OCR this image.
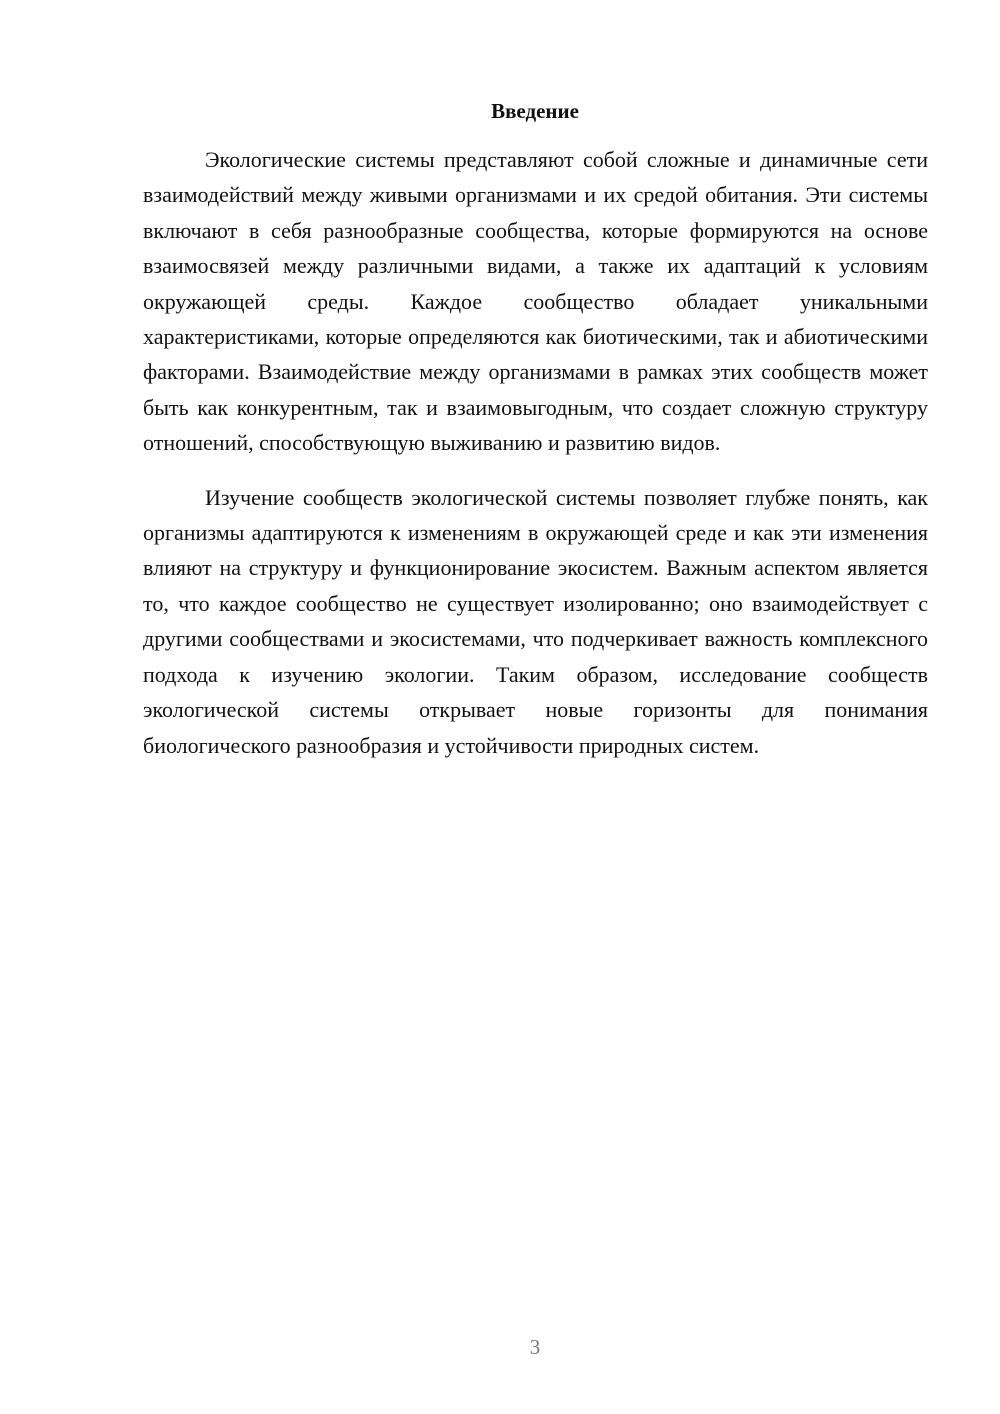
Введение

Экологические системы представляют собой сложные и динамичные сети взаимодействий между живыми организмами и их средой обитания. Эти системы включают в себя разнообразные сообщества, которые формируются на основе взаимосвязей между различными видами, а также их адаптаций к условиям окружающей среды. Каждое сообщество обладает уникальными характеристиками, которые определяются как биотическими, так и абиотическими факторами. Взаимодействие между организмами в рамках этих сообществ может быть как конкурентным, так и взаимовыгодным, что создает сложную структуру отношений, способствующую выживанию и развитию видов.

Изучение сообществ экологической системы позволяет глубже понять, как организмы адаптируются к изменениям в окружающей среде и как эти изменения влияют на структуру и функционирование экосистем. Важным аспектом является то, что каждое сообщество не существует изолированно; оно взаимодействует с другими сообществами и экосистемами, что подчеркивает важность комплексного подхода к изучению экологии. Таким образом, исследование сообществ экологической системы открывает новые горизонты для понимания биологического разнообразия и устойчивости природных систем.

3
